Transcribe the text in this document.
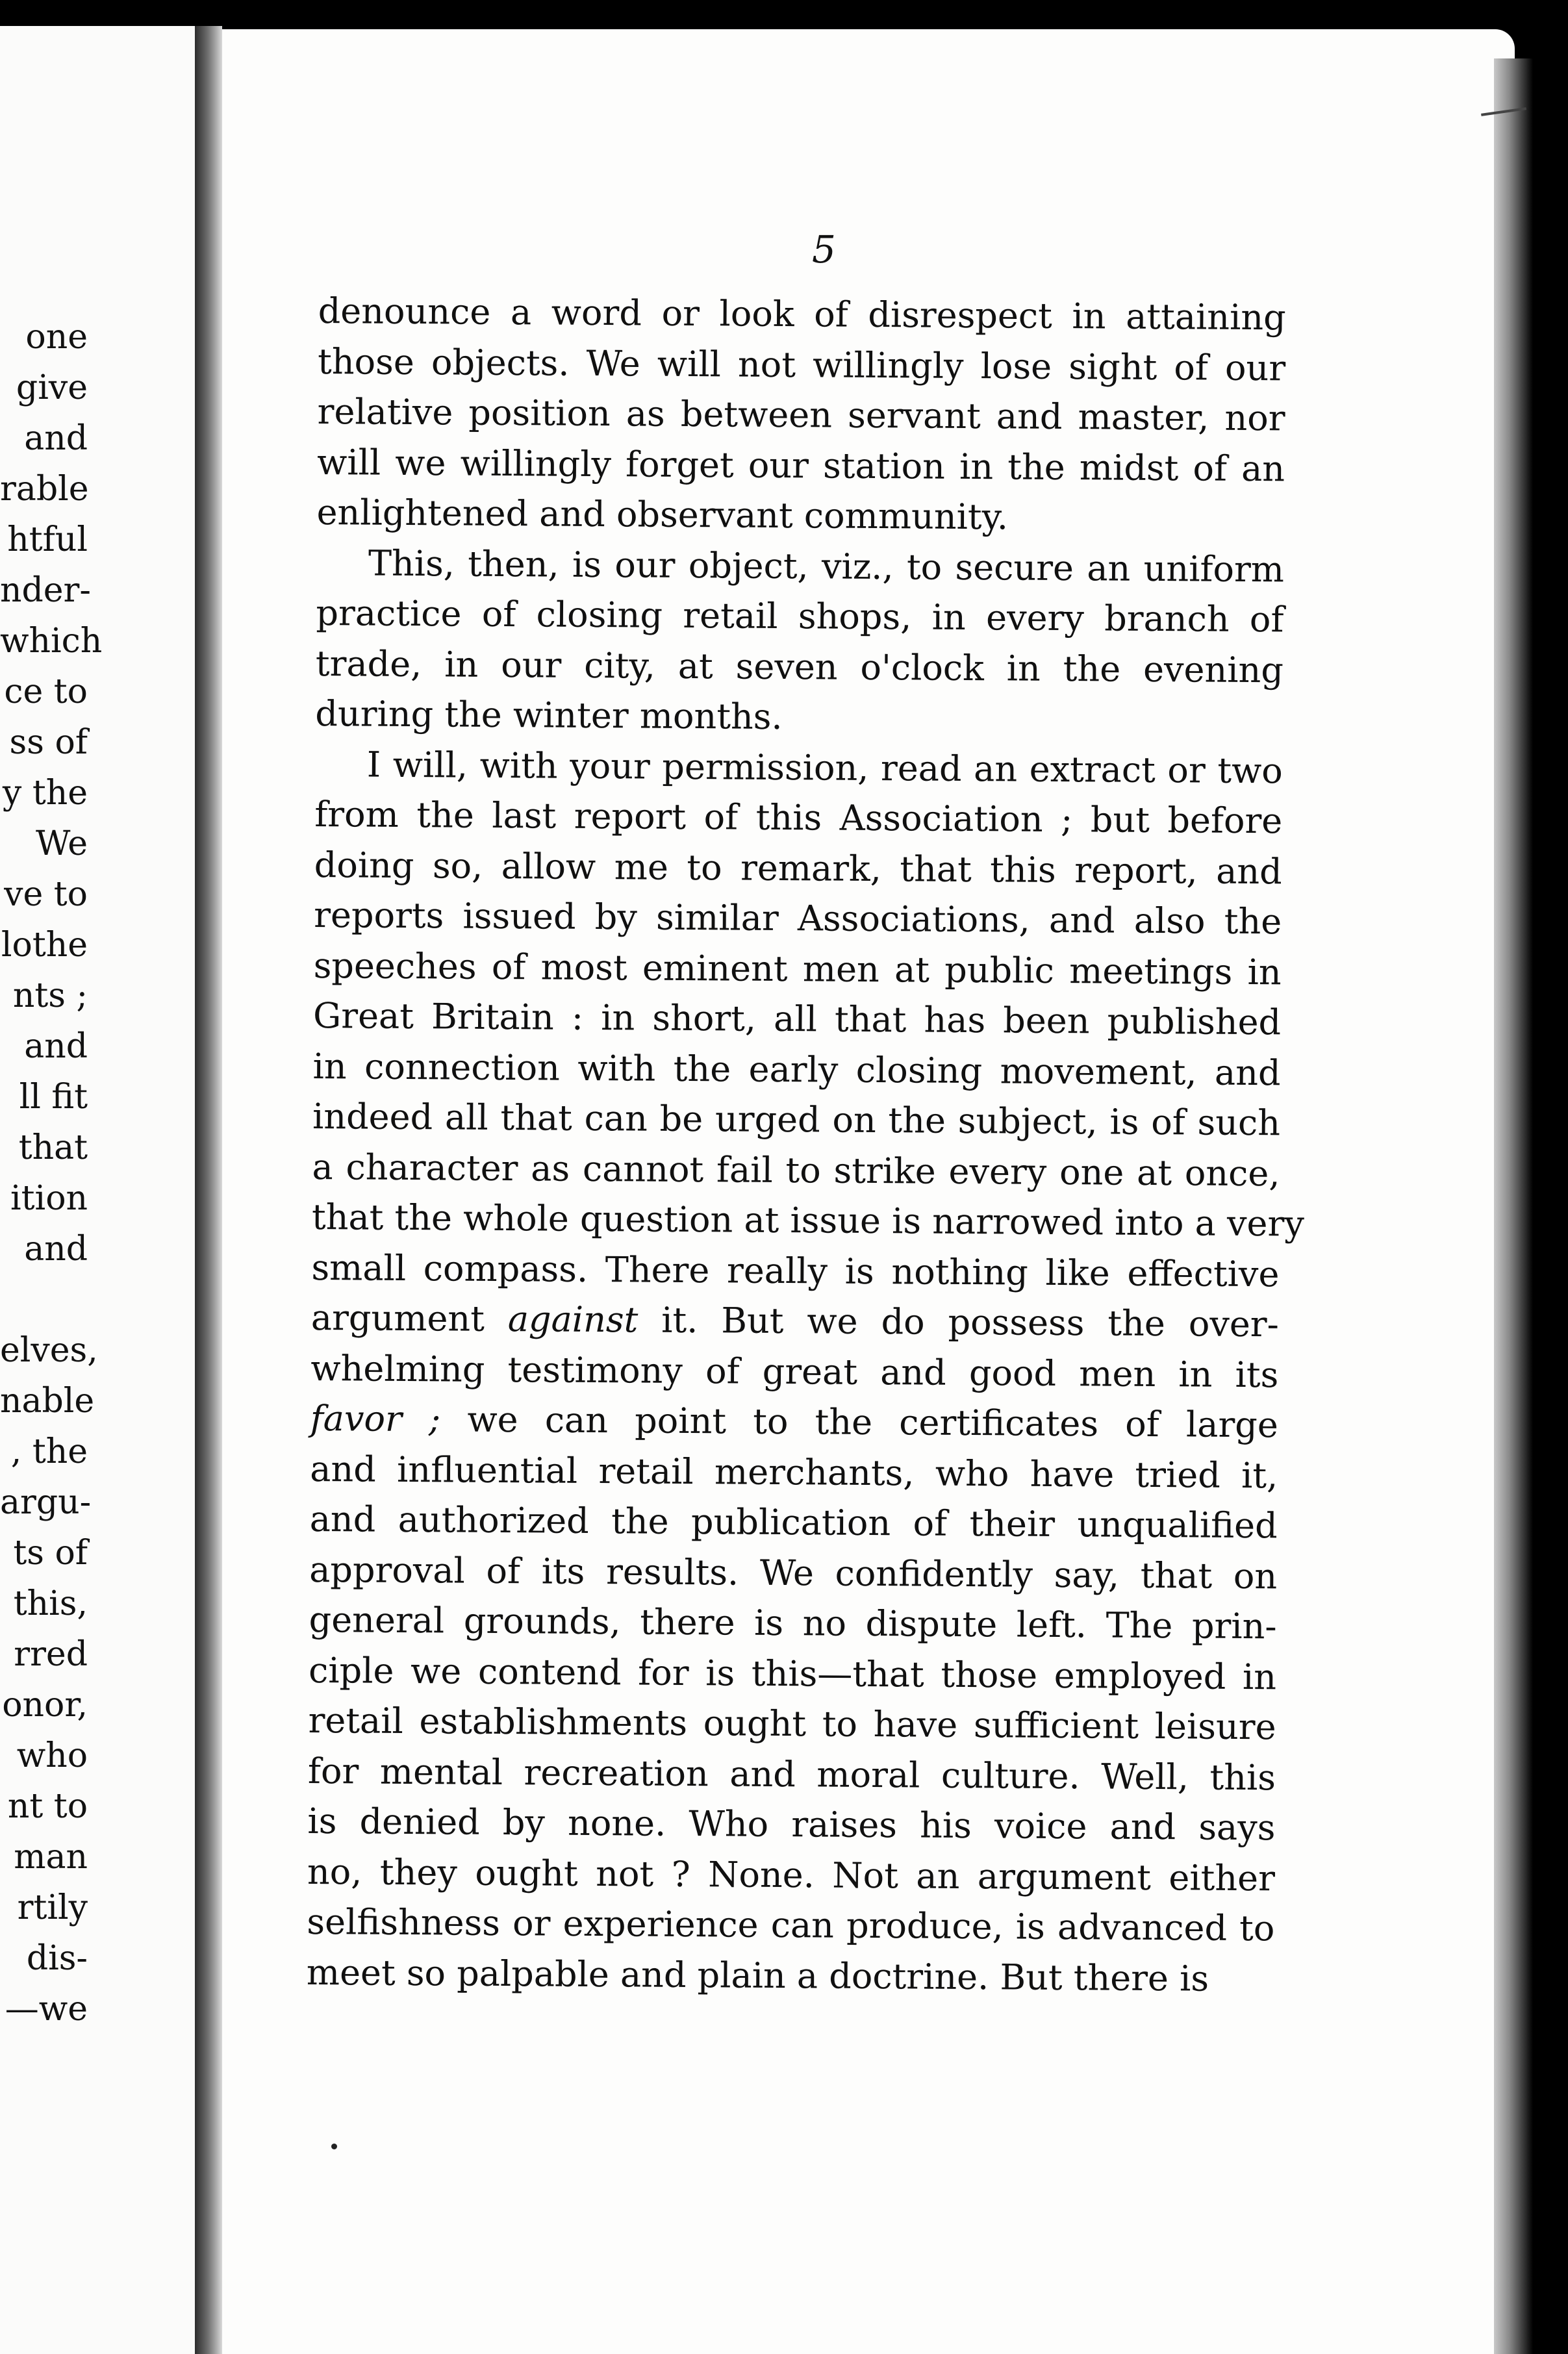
one
give
and
rable
htful
nder-
which
ce to
ss of
y the
We
ve to
lothe
nts ;
and
ll fit
that
ition
and
elves,
nable
, the
argu-
ts of
this,
rred
onor,
who
nt to
man
rtily
dis-
—we
5
denounce a word or look of disrespect in attaining
those objects. We will not willingly lose sight of our
relative position as between servant and master, nor
will we willingly forget our station in the midst of an
enlightened and observant community.
This, then, is our object, viz., to secure an uniform
practice of closing retail shops, in every branch of
trade, in our city, at seven o'clock in the evening
during the winter months.
I will, with your permission, read an extract or two
from the last report of this Association ; but before
doing so, allow me to remark, that this report, and
reports issued by similar Associations, and also the
speeches of most eminent men at public meetings in
Great Britain : in short, all that has been published
in connection with the early closing movement, and
indeed all that can be urged on the subject, is of such
a character as cannot fail to strike every one at once,
that the whole question at issue is narrowed into a very
small compass. There really is nothing like effective
argument against it. But we do possess the over-
whelming testimony of great and good men in its
favor ; we can point to the certificates of large
and influential retail merchants, who have tried it,
and authorized the publication of their unqualified
approval of its results. We confidently say, that on
general grounds, there is no dispute left. The prin-
ciple we contend for is this—that those employed in
retail establishments ought to have sufficient leisure
for mental recreation and moral culture. Well, this
is denied by none. Who raises his voice and says
no, they ought not ? None. Not an argument either
selfishness or experience can produce, is advanced to
meet so palpable and plain a doctrine. But there is
